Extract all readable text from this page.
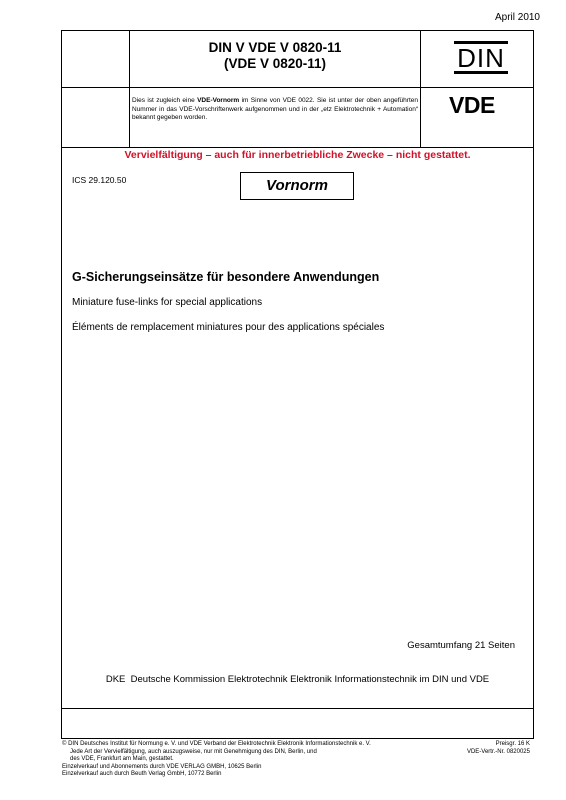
April 2010
DIN V VDE V 0820-11
(VDE V 0820-11)	DIN
Dies ist zugleich eine VDE-Vornorm im Sinne von VDE 0022. Sie ist unter der oben angeführten Nummer in das VDE-Vorschriftenwerk aufgenommen und in der „etz Elektrotechnik + Automation“ bekannt gegeben worden.	VDE
Vervielfältigung – auch für innerbetriebliche Zwecke – nicht gestattet.
ICS 29.120.50	Vornorm
G-Sicherungseinsätze für besondere Anwendungen
Miniature fuse-links for special applications
Éléments de remplacement miniatures pour des applications spéciales
Gesamtumfang 21 Seiten
DKE  Deutsche Kommission Elektrotechnik Elektronik Informationstechnik im DIN und VDE
© DIN Deutsches Institut für Normung e. V. und VDE Verband der Elektrotechnik Elektronik Informationstechnik e. V.
Jede Art der Vervielfältigung, auch auszugsweise, nur mit Genehmigung des DIN, Berlin, und
des VDE, Frankfurt am Main, gestattet.
Einzelverkauf und Abonnements durch VDE VERLAG GMBH, 10625 Berlin
Einzelverkauf auch durch Beuth Verlag GmbH, 10772 Berlin
Preisgr. 16 K
VDE-Vertr.-Nr. 0820025
